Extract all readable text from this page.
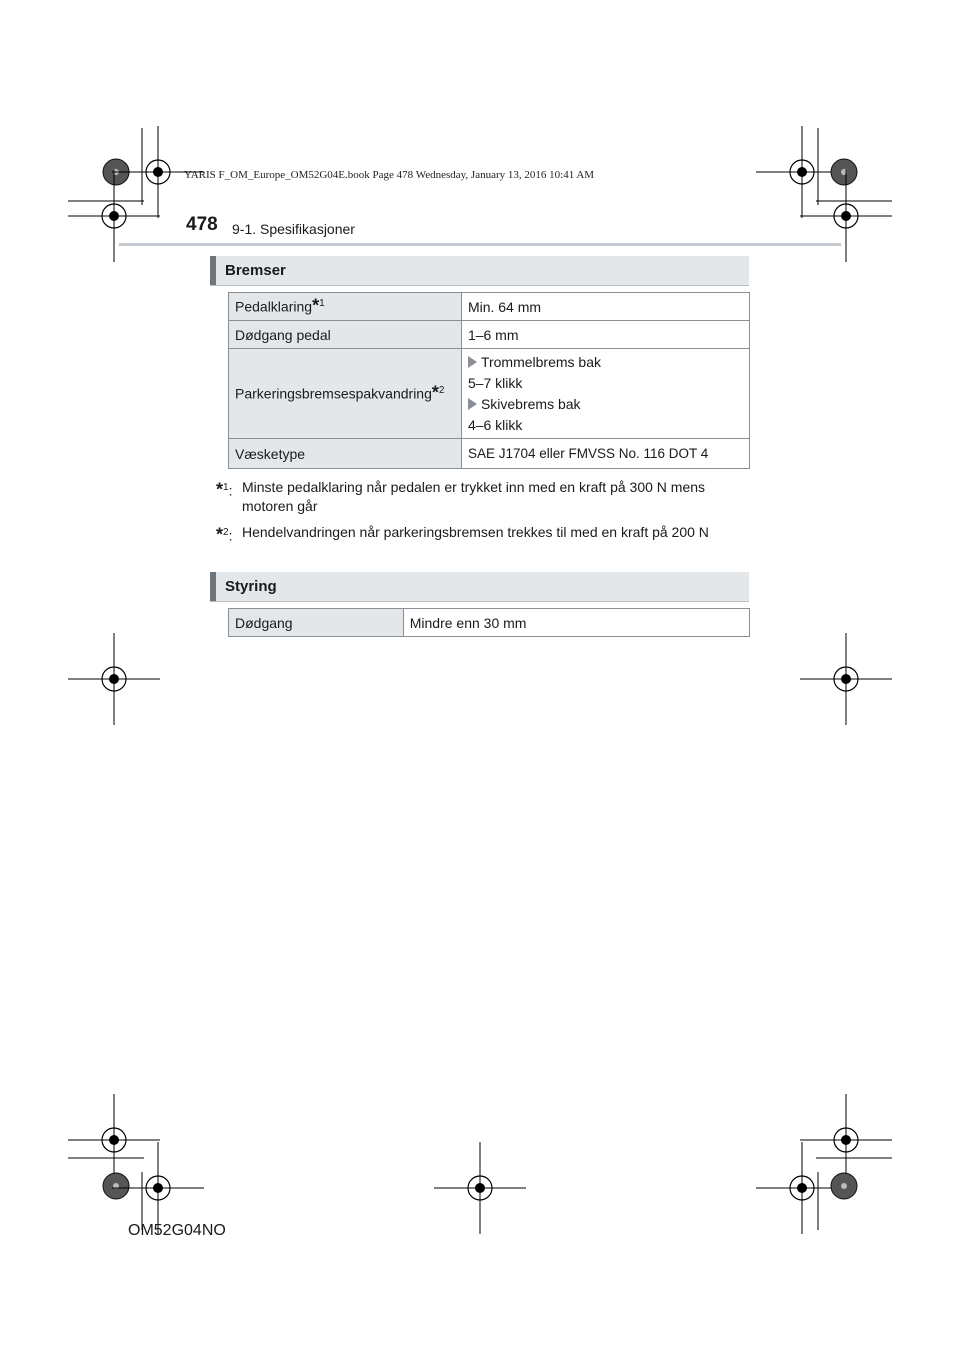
YARIS F_OM_Europe_OM52G04E.book Page 478 Wednesday, January 13, 2016 10:41 AM
478 9-1. Spesifikasjoner
Bremser
Pedalklaring*$^1$	Min. 64 mm
Dødgang pedal	1–6 mm
Parkeringsbremsespakvandring*$^2$	Trommelbrems bak
5–7 klikk
Skivebrems bak
4–6 klikk

Væsketype	SAE J1704 eller FMVSS No. 116 DOT 4
*$^1$: Minste pedalklaring når pedalen er trykket inn med en kraft på 300 N mens motoren går
*$^2$: Hendelvandringen når parkeringsbremsen trekkes til med en kraft på 200 N
Styring
Dødgang	Mindre enn 30 mm
OM52G04NO
